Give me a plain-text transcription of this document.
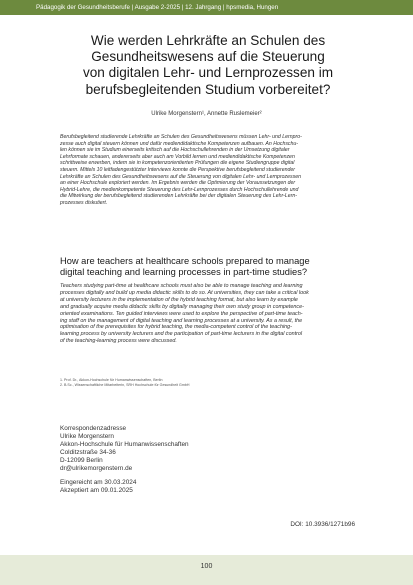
Pädagogik der Gesundheitsberufe | Ausgabe 2-2025 | 12. Jahrgang | hpsmedia, Hungen
Wie werden Lehrkräfte an Schulen des
Gesundheitswesens auf die Steuerung
von digitalen Lehr- und Lernprozessen im
berufsbegleitenden Studium vorbereitet?
Ulrike Morgenstern¹, Annette Ruslemeier²
Berufsbegleitend studierende Lehrkräfte an Schulen des Gesundheitswesens müssen Lehr- und Lernpro-
zesse auch digital steuern können und dafür mediendidaktische Kompetenzen aufbauen. An Hochschu-
len können sie im Studium einerseits kritisch auf die Hochschullehrenden in der Umsetzung digitaler
Lehrformate schauen, andererseits aber auch am Vorbild lernen und mediendidaktische Kompetenzen
schrittweise erwerben, indem sie in kompetenzorientierten Prüfungen die eigene Studiengruppe digital
steuern. Mittels 10 leitfadengestützter Interviews konnte die Perspektive berufsbegleitend studierender
Lehrkräfte an Schulen des Gesundheitswesens auf die Steuerung von digitalen Lehr- und Lernprozessen
an einer Hochschule exploriert werden. Im Ergebnis werden die Optimierung der Voraussetzungen der
Hybrid-Lehre, die medienkompetente Steuerung des Lehr-Lernprozesses durch Hochschullehrende und
die Mitwirkung der berufsbegleitend studierenden Lehrkräfte bei der digitalen Steuerung des Lehr-Lern-
prozesses diskutiert.
How are teachers at healthcare schools prepared to manage
digital teaching and learning processes in part-time studies?
Teachers studying part-time at healthcare schools must also be able to manage teaching and learning
processes digitally and build up media didactic skills to do so. At universities, they can take a critical look
at university lecturers in the implementation of the hybrid teaching format, but also learn by example
and gradually acquire media didactic skills by digitally managing their own study group in competence-
oriented examinations. Ten guided interviews were used to explore the perspective of part-time teach-
ing staff on the management of digital teaching and learning processes at a university. As a result, the
optimisation of the prerequisites for hybrid teaching, the media-competent control of the teaching-
learning process by university lecturers and the participation of part-time lecturers in the digital control
of the teaching-learning process were discussed.
1. Prof. Dr., Akkon-Hochschule für Humanwissenschaften, Berlin
2. B.Sc., Wissenschaftliche Mitarbeiterin, SRH Hochschule für Gesundheit GmbH
Korrespondenzadresse
Ulrike Morgenstern
Akkon-Hochschule für Humanwissenschaften
Colditzstraße 34-36
D-12099 Berlin
dr@ulrikemorgenstern.de
Eingereicht am 30.03.2024
Akzeptiert am 09.01.2025
DOI: 10.3936/1271b96
100
